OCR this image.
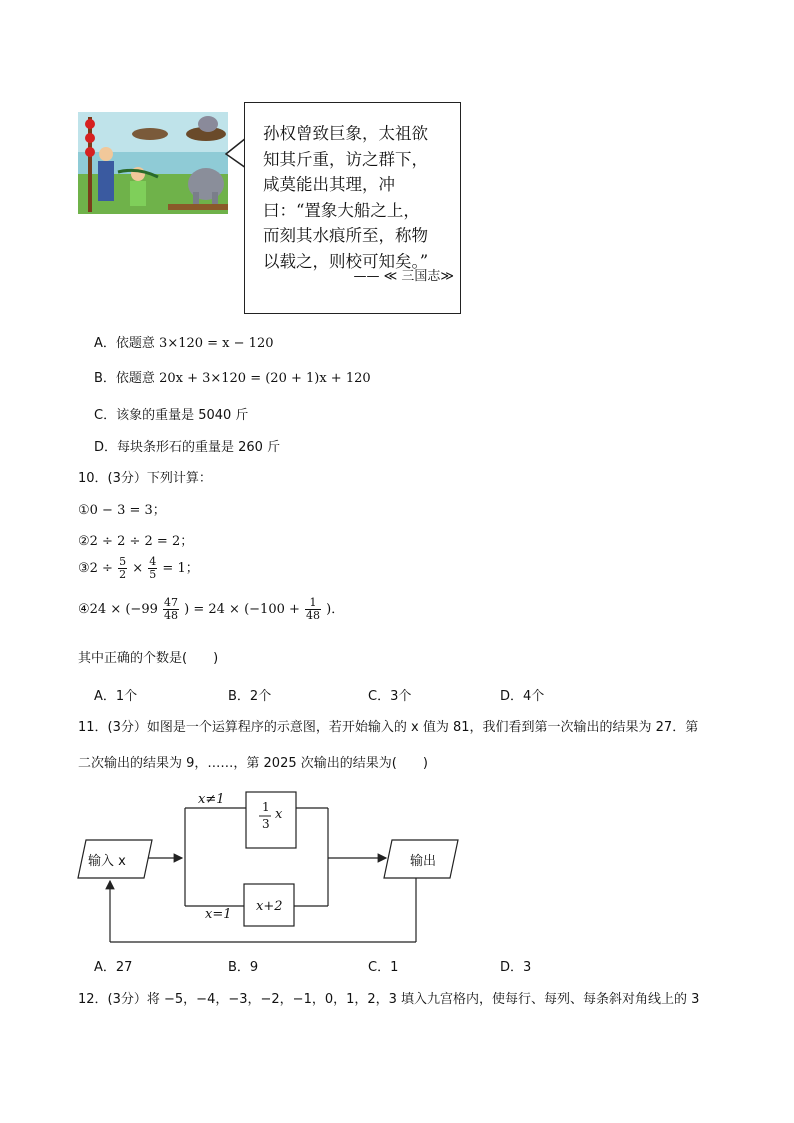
孙权曾致巨象，太祖欲
知其斤重，访之群下，
咸莫能出其理，冲
曰：“置象大船之上，
而刻其水痕所至，称物
以载之，则校可知矣。”
—— ≪ 三国志≫
A．依题意 3×120 = x − 120
B．依题意 20x + 3×120 = (20 + 1)x + 120
C．该象的重量是 5040 斤
D．每块条形石的重量是 260 斤
10．(3分）下列计算：
①0 − 3 = 3；
②2 ÷ 2 ÷ 2 = 2；
③2 ÷ $\frac{5}{2} \times \frac{4}{5} = 1$；
④24 × ($-99 \frac{47}{48}$ ) = $24 \times (-100 + \frac{1}{48}$ )．
其中正确的个数是(　　)
A．1个	B．2个	C．3个	D．4个
11．(3分）如图是一个运算程序的示意图，若开始输入的 x 值为 81，我们看到第一次输出的结果为 27．第
二次输出的结果为 9，……，第 2025 次输出的结果为(　　)
输入 x	输出
x≠1
x=1
1
3
x
x+2
A．27	B．9	C．1	D．3
12．(3分）将 −5，−4，−3，−2，−1，0，1，2，3 填入九宫格内，使每行、每列、每条斜对角线上的 3
